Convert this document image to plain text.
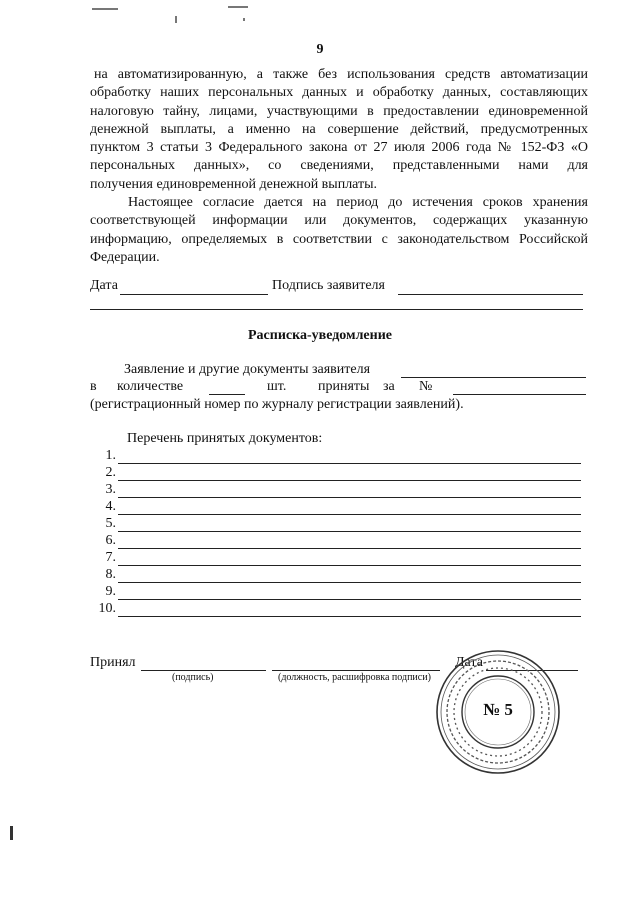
9
на автоматизированную, а также без использования средств автоматизации
обработку наших персональных данных и обработку данных, составляющих
налоговую тайну, лицами, участвующими в предоставлении единовременной
денежной выплаты, а именно на совершение действий, предусмотренных
пунктом 3 статьи 3 Федерального закона от 27 июля 2006 года № 152-ФЗ «О
персональных данных», со сведениями, представленными нами для
получения единовременной денежной выплаты.
Настоящее согласие дается на период до истечения сроков хранения
соответствующей информации или документов, содержащих указанную
информацию, определяемых в соответствии с законодательством Российской
Федерации.
Дата	Подпись заявителя
Расписка-уведомление
Заявление и другие документы заявителя
в количестве	шт. приняты за №
(регистрационный номер по журналу регистрации заявлений).
Перечень принятых документов:
1.
2.
3.
4.
5.
6.
7.
8.
9.
10.
Принял
(подпись)	(должность, расшифровка подписи)
Дата
№ 5
